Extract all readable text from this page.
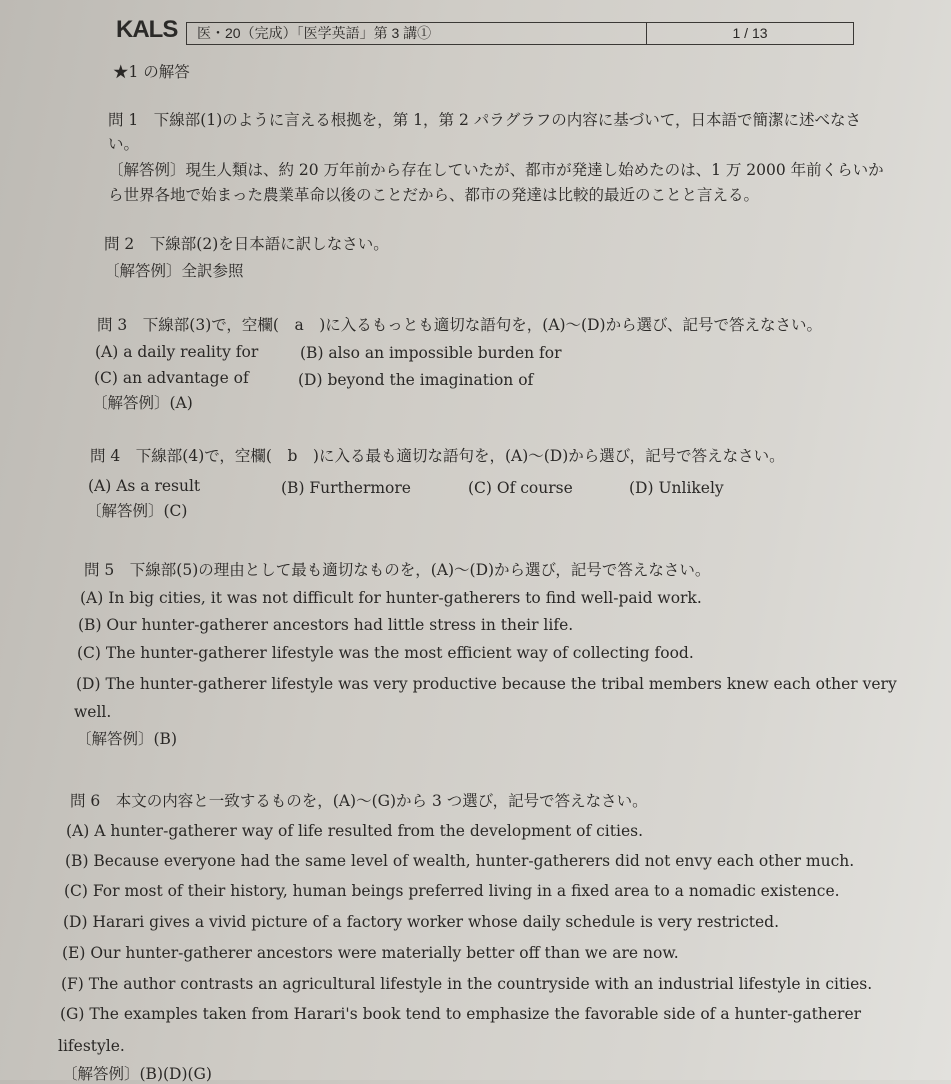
KALS	医・20（完成）「医学英語」第 3 講①	1 / 13
★1 の解答
問 1　下線部(1)のように言える根拠を，第 1，第 2 パラグラフの内容に基づいて，日本語で簡潔に述べなさ
い。
〔解答例〕現生人類は、約 20 万年前から存在していたが、都市が発達し始めたのは、1 万 2000 年前くらいか
ら世界各地で始まった農業革命以後のことだから、都市の発達は比較的最近のことと言える。
問 2　下線部(2)を日本語に訳しなさい。
〔解答例〕全訳参照
問 3　下線部(3)で，空欄(　a　)に入るもっとも適切な語句を，(A)～(D)から選び、記号で答えなさい。
(A) a daily reality for	(B) also an impossible burden for
(C) an advantage of	(D) beyond the imagination of
〔解答例〕(A)
問 4　下線部(4)で，空欄(　b　)に入る最も適切な語句を，(A)～(D)から選び，記号で答えなさい。
(A) As a result	(B) Furthermore	(C) Of course	(D) Unlikely
〔解答例〕(C)
問 5　下線部(5)の理由として最も適切なものを，(A)～(D)から選び，記号で答えなさい。
(A) In big cities, it was not difficult for hunter-gatherers to find well-paid work.
(B) Our hunter-gatherer ancestors had little stress in their life.
(C) The hunter-gatherer lifestyle was the most efficient way of collecting food.
(D) The hunter-gatherer lifestyle was very productive because the tribal members knew each other very
well.
〔解答例〕(B)
問 6　本文の内容と一致するものを，(A)～(G)から 3 つ選び，記号で答えなさい。
(A) A hunter-gatherer way of life resulted from the development of cities.
(B) Because everyone had the same level of wealth, hunter-gatherers did not envy each other much.
(C) For most of their history, human beings preferred living in a fixed area to a nomadic existence.
(D) Harari gives a vivid picture of a factory worker whose daily schedule is very restricted.
(E) Our hunter-gatherer ancestors were materially better off than we are now.
(F) The author contrasts an agricultural lifestyle in the countryside with an industrial lifestyle in cities.
(G) The examples taken from Harari's book tend to emphasize the favorable side of a hunter-gatherer
lifestyle.
〔解答例〕(B)(D)(G)
